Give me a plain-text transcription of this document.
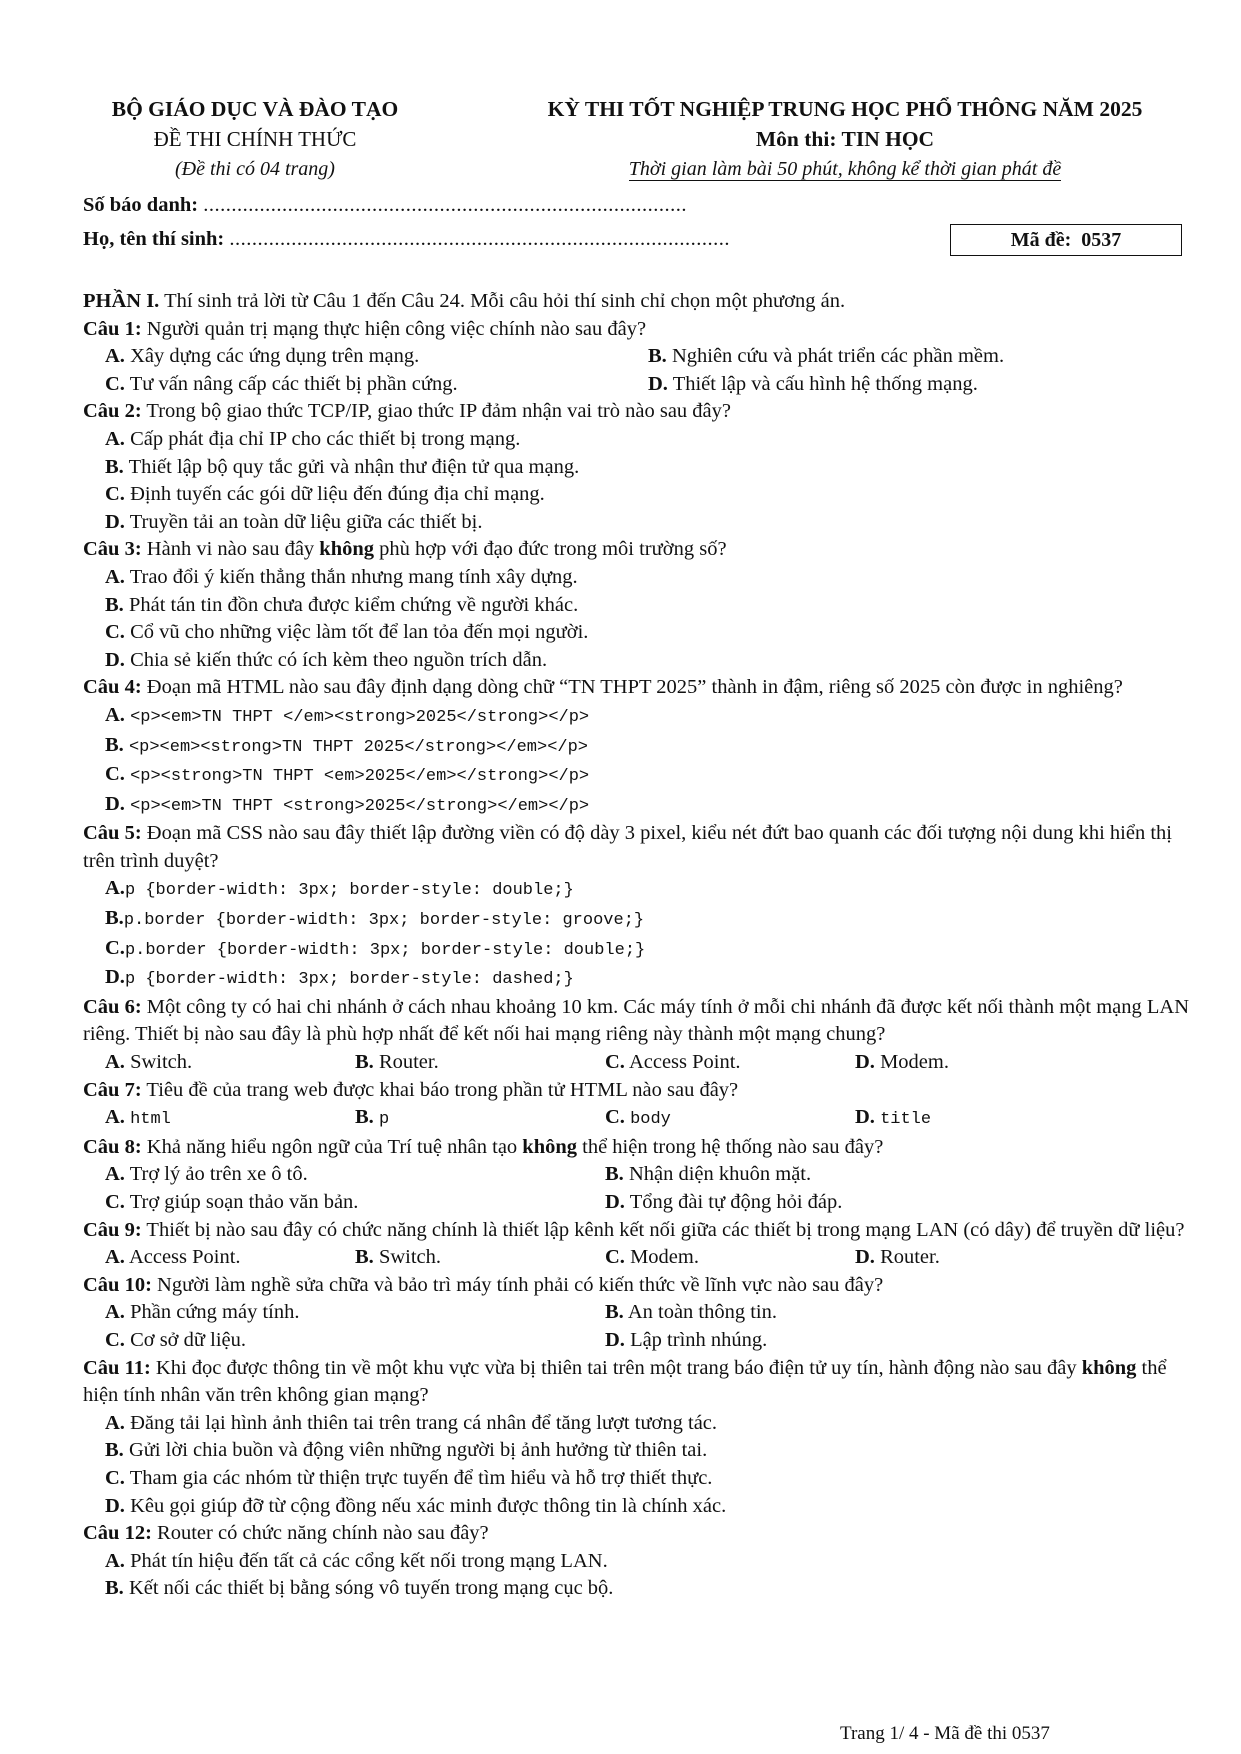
BỘ GIÁO DỤC VÀ ĐÀO TẠO
ĐỀ THI CHÍNH THỨC
(Đề thi có 04 trang)
KỲ THI TỐT NGHIỆP TRUNG HỌC PHỔ THÔNG NĂM 2025
Môn thi: TIN HỌC
Thời gian làm bài 50 phút, không kể thời gian phát đề
Số báo danh: ......................................................................................
Họ, tên thí sinh: .........................................................................................	Mã đề: 0537
PHẦN I. Thí sinh trả lời từ Câu 1 đến Câu 24. Mỗi câu hỏi thí sinh chỉ chọn một phương án.
Câu 1: Người quản trị mạng thực hiện công việc chính nào sau đây?
A. Xây dựng các ứng dụng trên mạng.	B. Nghiên cứu và phát triển các phần mềm.
C. Tư vấn nâng cấp các thiết bị phần cứng.	D. Thiết lập và cấu hình hệ thống mạng.
Câu 2: Trong bộ giao thức TCP/IP, giao thức IP đảm nhận vai trò nào sau đây?
A. Cấp phát địa chỉ IP cho các thiết bị trong mạng.
B. Thiết lập bộ quy tắc gửi và nhận thư điện tử qua mạng.
C. Định tuyến các gói dữ liệu đến đúng địa chỉ mạng.
D. Truyền tải an toàn dữ liệu giữa các thiết bị.
Câu 3: Hành vi nào sau đây không phù hợp với đạo đức trong môi trường số?
A. Trao đổi ý kiến thẳng thắn nhưng mang tính xây dựng.
B. Phát tán tin đồn chưa được kiểm chứng về người khác.
C. Cổ vũ cho những việc làm tốt để lan tỏa đến mọi người.
D. Chia sẻ kiến thức có ích kèm theo nguồn trích dẫn.
Câu 4: Đoạn mã HTML nào sau đây định dạng dòng chữ “TN THPT 2025” thành in đậm, riêng số 2025 còn được in nghiêng?
A. <p><em>TN THPT </em><strong>2025</strong></p>
B. <p><em><strong>TN THPT 2025</strong></em></p>
C. <p><strong>TN THPT <em>2025</em></strong></p>
D. <p><em>TN THPT <strong>2025</strong></em></p>
Câu 5: Đoạn mã CSS nào sau đây thiết lập đường viền có độ dày 3 pixel, kiểu nét đứt bao quanh các đối tượng nội dung khi hiển thị trên trình duyệt?
A.p {border-width: 3px; border-style: double;}
B.p.border {border-width: 3px; border-style: groove;}
C.p.border {border-width: 3px; border-style: double;}
D.p {border-width: 3px; border-style: dashed;}
Câu 6: Một công ty có hai chi nhánh ở cách nhau khoảng 10 km. Các máy tính ở mỗi chi nhánh đã được kết nối thành một mạng LAN riêng. Thiết bị nào sau đây là phù hợp nhất để kết nối hai mạng riêng này thành một mạng chung?
A. Switch.	B. Router.	C. Access Point.	D. Modem.
Câu 7: Tiêu đề của trang web được khai báo trong phần tử HTML nào sau đây?
A. html	B. p	C. body	D. title
Câu 8: Khả năng hiểu ngôn ngữ của Trí tuệ nhân tạo không thể hiện trong hệ thống nào sau đây?
A. Trợ lý ảo trên xe ô tô.	B. Nhận diện khuôn mặt.
C. Trợ giúp soạn thảo văn bản.	D. Tổng đài tự động hỏi đáp.
Câu 9: Thiết bị nào sau đây có chức năng chính là thiết lập kênh kết nối giữa các thiết bị trong mạng LAN (có dây) để truyền dữ liệu?
A. Access Point.	B. Switch.	C. Modem.	D. Router.
Câu 10: Người làm nghề sửa chữa và bảo trì máy tính phải có kiến thức về lĩnh vực nào sau đây?
A. Phần cứng máy tính.	B. An toàn thông tin.
C. Cơ sở dữ liệu.	D. Lập trình nhúng.
Câu 11: Khi đọc được thông tin về một khu vực vừa bị thiên tai trên một trang báo điện tử uy tín, hành động nào sau đây không thể hiện tính nhân văn trên không gian mạng?
A. Đăng tải lại hình ảnh thiên tai trên trang cá nhân để tăng lượt tương tác.
B. Gửi lời chia buồn và động viên những người bị ảnh hưởng từ thiên tai.
C. Tham gia các nhóm từ thiện trực tuyến để tìm hiểu và hỗ trợ thiết thực.
D. Kêu gọi giúp đỡ từ cộng đồng nếu xác minh được thông tin là chính xác.
Câu 12: Router có chức năng chính nào sau đây?
A. Phát tín hiệu đến tất cả các cổng kết nối trong mạng LAN.
B. Kết nối các thiết bị bằng sóng vô tuyến trong mạng cục bộ.
Trang 1/ 4 - Mã đề thi 0537
